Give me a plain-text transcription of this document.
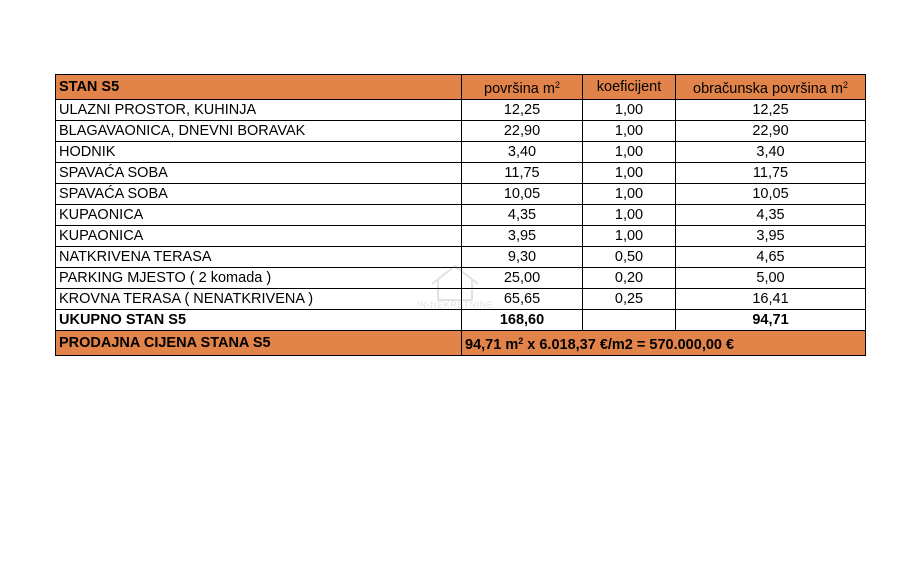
STAN S5	površina $m^2$	koeficijent	obračunska površina $m^2$
ULAZNI PROSTOR, KUHINJA	12,25	1,00	12,25
BLAGAVAONICA, DNEVNI BORAVAK	22,90	1,00	22,90
HODNIK	3,40	1,00	3,40
SPAVAĆA SOBA	11,75	1,00	11,75
SPAVAĆA SOBA	10,05	1,00	10,05
KUPAONICA	4,35	1,00	4,35
KUPAONICA	3,95	1,00	3,95
NATKRIVENA TERASA	9,30	0,50	4,65
PARKING MJESTO ( 2 komada )	25,00	0,20	5,00
KROVNA TERASA ( NENATKRIVENA )	65,65	0,25	16,41
UKUPNO STAN S5	168,60		94,71
PRODAJNA CIJENA STANA S5	94,71 $m^2$ x 6.018,37 €/m2 = 570.000,00 €		
IN-NEKRETNINE
